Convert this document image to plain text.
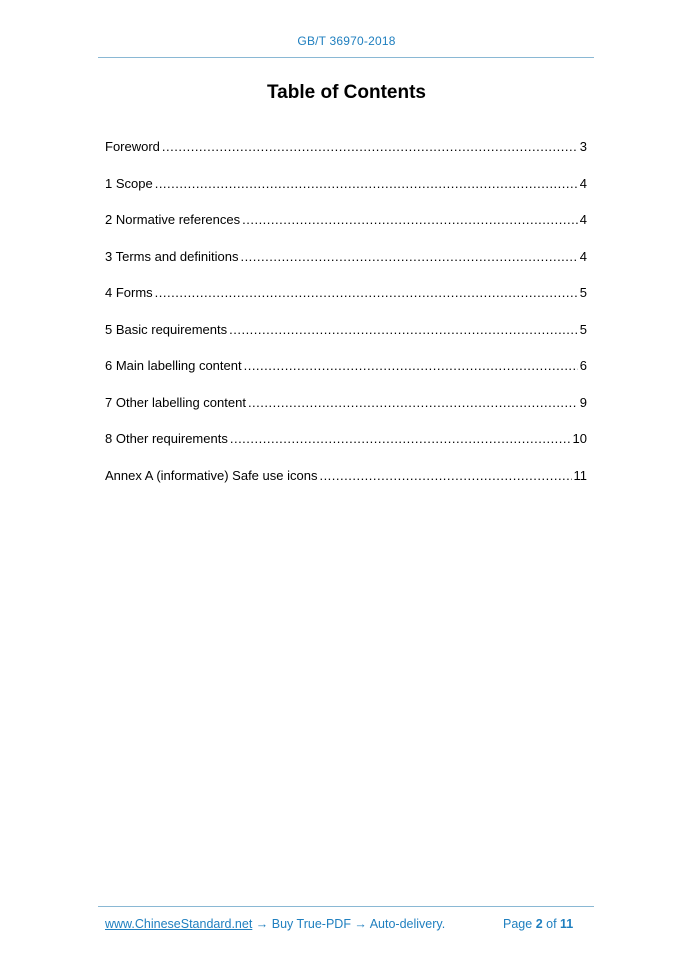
GB/T 36970-2018
Table of Contents
Foreword .....	3
1 Scope .....	4
2 Normative references .....	4
3 Terms and definitions .....	4
4 Forms .....	5
5 Basic requirements .....	5
6 Main labelling content .....	6
7 Other labelling content .....	9
8 Other requirements .....	10
Annex A (informative) Safe use icons .....	11
www.ChineseStandard.net → Buy True-PDF → Auto-delivery.	Page 2 of 11
